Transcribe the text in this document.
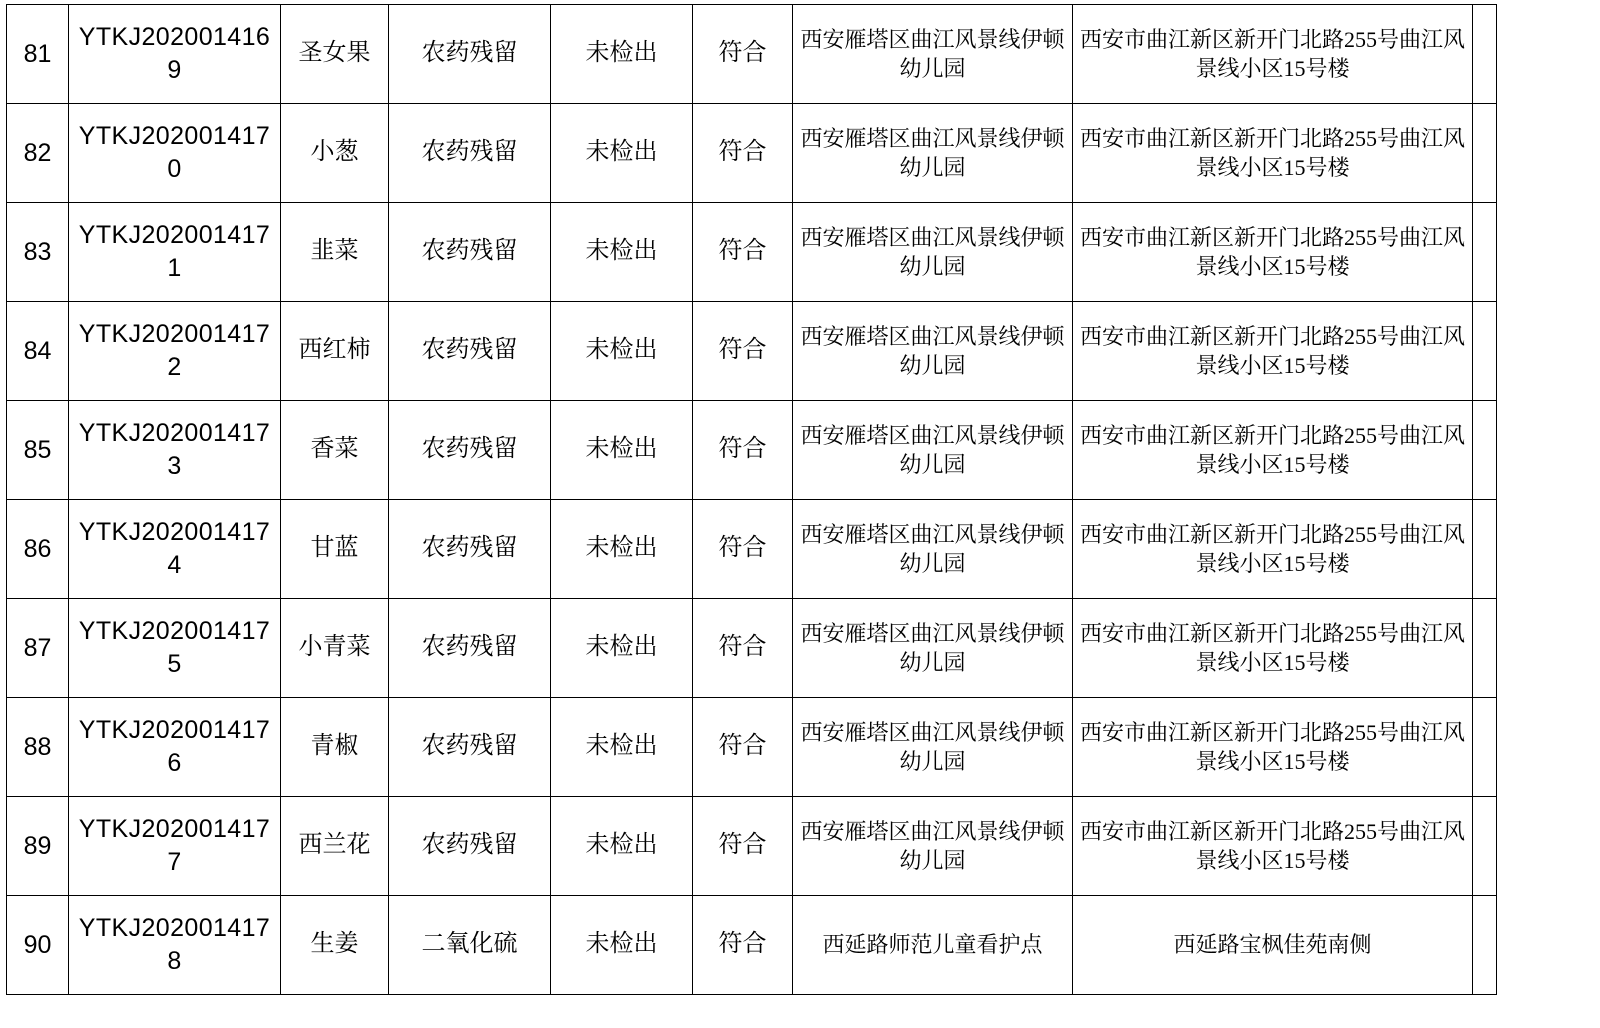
81	YTKJ2020014169	圣女果	农药残留	未检出	符合	西安雁塔区曲江风景线伊顿幼儿园	西安市曲江新区新开门北路255号曲江风景线小区15号楼	
82	YTKJ2020014170	小葱	农药残留	未检出	符合	西安雁塔区曲江风景线伊顿幼儿园	西安市曲江新区新开门北路255号曲江风景线小区15号楼	
83	YTKJ2020014171	韭菜	农药残留	未检出	符合	西安雁塔区曲江风景线伊顿幼儿园	西安市曲江新区新开门北路255号曲江风景线小区15号楼	
84	YTKJ2020014172	西红柿	农药残留	未检出	符合	西安雁塔区曲江风景线伊顿幼儿园	西安市曲江新区新开门北路255号曲江风景线小区15号楼	
85	YTKJ2020014173	香菜	农药残留	未检出	符合	西安雁塔区曲江风景线伊顿幼儿园	西安市曲江新区新开门北路255号曲江风景线小区15号楼	
86	YTKJ2020014174	甘蓝	农药残留	未检出	符合	西安雁塔区曲江风景线伊顿幼儿园	西安市曲江新区新开门北路255号曲江风景线小区15号楼	
87	YTKJ2020014175	小青菜	农药残留	未检出	符合	西安雁塔区曲江风景线伊顿幼儿园	西安市曲江新区新开门北路255号曲江风景线小区15号楼	
88	YTKJ2020014176	青椒	农药残留	未检出	符合	西安雁塔区曲江风景线伊顿幼儿园	西安市曲江新区新开门北路255号曲江风景线小区15号楼	
89	YTKJ2020014177	西兰花	农药残留	未检出	符合	西安雁塔区曲江风景线伊顿幼儿园	西安市曲江新区新开门北路255号曲江风景线小区15号楼	
90	YTKJ2020014178	生姜	二氧化硫	未检出	符合	西延路师范儿童看护点	西延路宝枫佳苑南侧	
